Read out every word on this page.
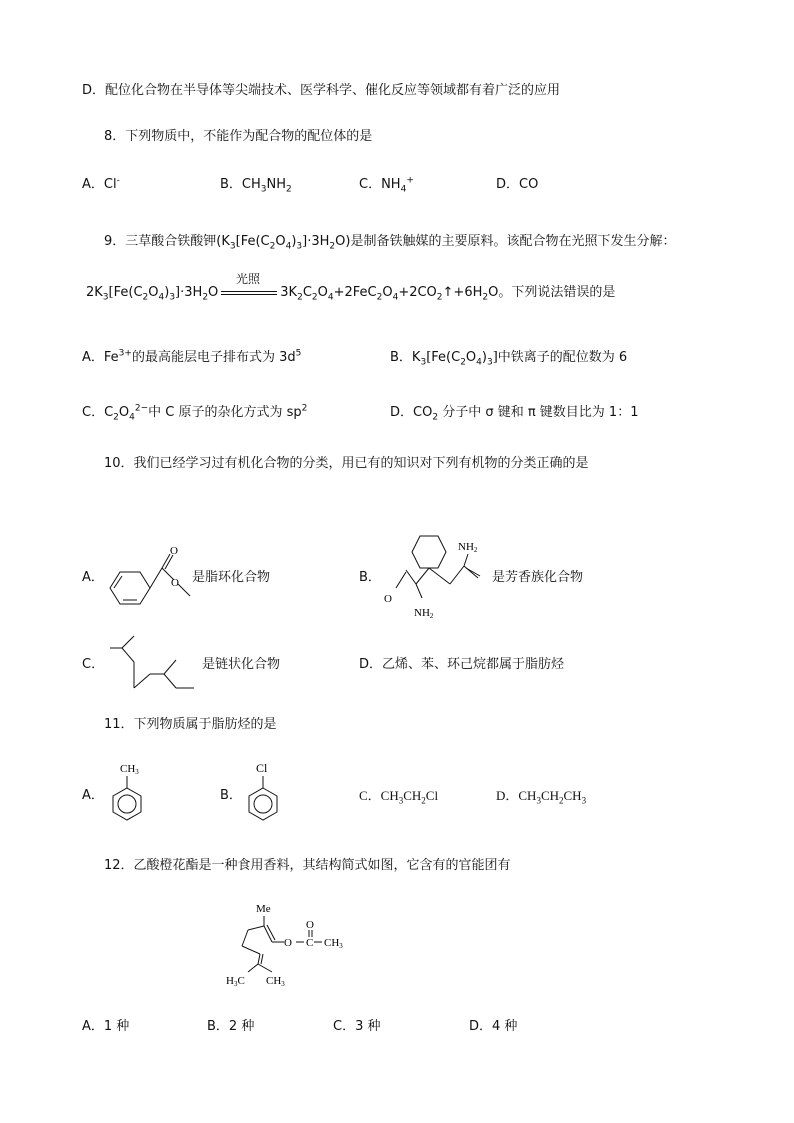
D．配位化合物在半导体等尖端技术、医学科学、催化反应等领域都有着广泛的应用
8．下列物质中，不能作为配合物的配位体的是
A．Cl-	B．$CH_3NH_2$	C．$NH_4^+$	D．CO
9．三草酸合铁酸钾$(K_3[Fe(C_2O_4)_3]\cdot 3H_2O)$是制备铁触媒的主要原料。该配合物在光照下发生分解：
$2K_3[Fe(C_2O_4)_3]\cdot 3H_2O$	$3K_2C_2O_4+2FeC_2O_4+2CO_2↑+6H_2O$。下列说法错误的是
光照
A．$Fe^{3+}$的最高能层电子排布式为 $3d^5$	B．$K_3[Fe(C_2O_4)_3]$中铁离子的配位数为 6
C．$C_2O_4^{2-}$中 C 原子的杂化方式为 $sp^2$	D．$CO_2$ 分子中 σ 键和 π 键数目比为 1：1
10．我们已经学习过有机化合物的分类，用已有的知识对下列有机物的分类正确的是
A．
O
O 是脂环化合物	B．
NH2
O
NH2
是芳香族化合物
C．	是链状化合物	D．乙烯、苯、环己烷都属于脂肪烃
11．下列物质属于脂肪烃的是
A．
CH3
B．
Cl
C．$CH_3CH_2Cl$	D．$CH_3CH_2CH_3$
12．乙酸橙花酯是一种食用香料，其结构简式如图，它含有的官能团有
Me
O
O
C CH3
H3C CH3
A．1 种	B．2 种	C．3 种	D．4 种
